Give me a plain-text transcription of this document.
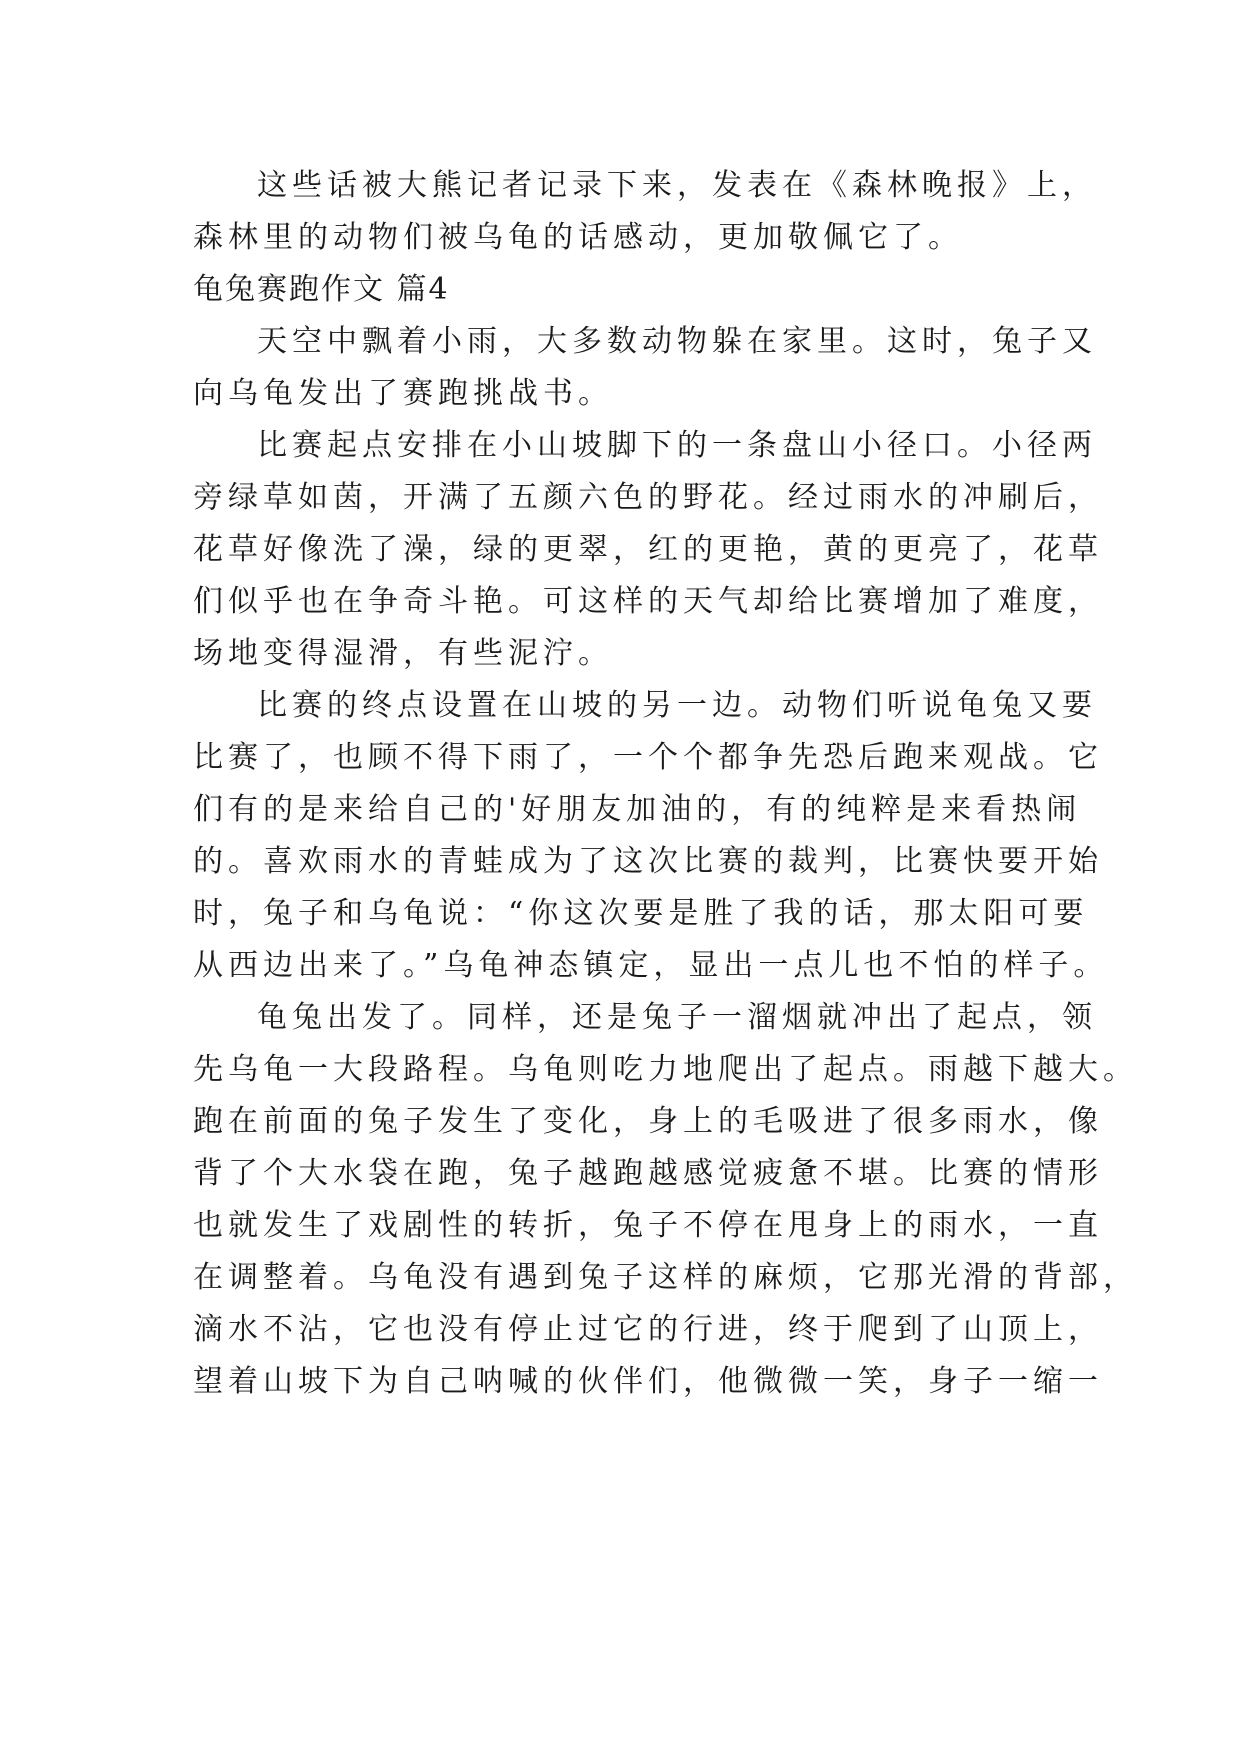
这些话被大熊记者记录下来，发表在《森林晚报》上，
森林里的动物们被乌龟的话感动，更加敬佩它了。
龟兔赛跑作文 篇4
天空中飘着小雨，大多数动物躲在家里。这时，兔子又
向乌龟发出了赛跑挑战书。
比赛起点安排在小山坡脚下的一条盘山小径口。小径两
旁绿草如茵，开满了五颜六色的野花。经过雨水的冲刷后，
花草好像洗了澡，绿的更翠，红的更艳，黄的更亮了，花草
们似乎也在争奇斗艳。可这样的天气却给比赛增加了难度，
场地变得湿滑，有些泥泞。
比赛的终点设置在山坡的另一边。动物们听说龟兔又要
比赛了，也顾不得下雨了，一个个都争先恐后跑来观战。它
们有的是来给自己的'好朋友加油的，有的纯粹是来看热闹
的。喜欢雨水的青蛙成为了这次比赛的裁判，比赛快要开始
时，兔子和乌龟说：“你这次要是胜了我的话，那太阳可要
从西边出来了。”乌龟神态镇定，显出一点儿也不怕的样子。
龟兔出发了。同样，还是兔子一溜烟就冲出了起点，领
先乌龟一大段路程。乌龟则吃力地爬出了起点。雨越下越大。
跑在前面的兔子发生了变化，身上的毛吸进了很多雨水，像
背了个大水袋在跑，兔子越跑越感觉疲惫不堪。比赛的情形
也就发生了戏剧性的转折，兔子不停在甩身上的雨水，一直
在调整着。乌龟没有遇到兔子这样的麻烦，它那光滑的背部，
滴水不沾，它也没有停止过它的行进，终于爬到了山顶上，
望着山坡下为自己呐喊的伙伴们，他微微一笑，身子一缩一
